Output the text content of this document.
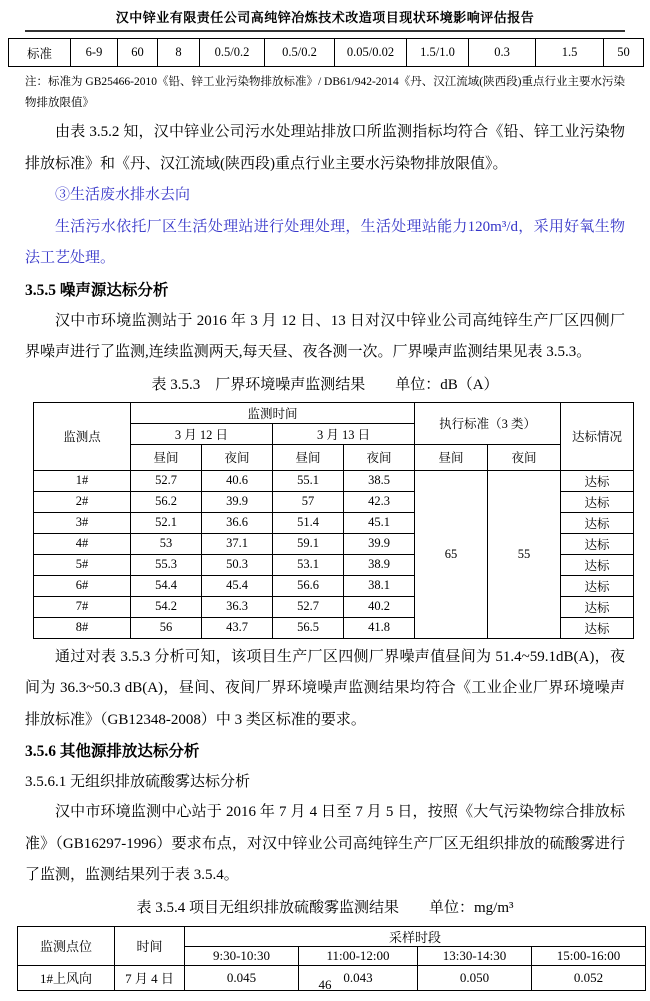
汉中锌业有限责任公司高纯锌冶炼技术改造项目现状环境影响评估报告
标准	6-9	60	8	0.5/0.2	0.5/0.2	0.05/0.02	1.5/1.0	0.3	1.5	50
注：标准为 GB25466-2010《铅、锌工业污染物排放标准》/ DB61/942-2014《丹、汉江流域(陕西段)重点行业主要水污染物排放限值》

由表 3.5.2 知，汉中锌业公司污水处理站排放口所监测指标均符合《铅、锌工业污染物排放标准》和《丹、汉江流域(陕西段)重点行业主要水污染物排放限值》。

③生活废水排水去向

生活污水依托厂区生活处理站进行处理处理，生活处理站能力120m³/d，采用好氧生物法工艺处理。

3.5.5 噪声源达标分析

汉中市环境监测站于 2016 年 3 月 12 日、13 日对汉中锌业公司高纯锌生产厂区四侧厂界噪声进行了监测,连续监测两天,每天昼、夜各测一次。厂界噪声监测结果见表 3.5.3。

表 3.5.3　厂界环境噪声监测结果　　单位：dB（A）
监测点	监测时间				执行标准（3 类）		达标情况
	3 月 12 日		3 月 13 日				
	昼间	夜间	昼间	夜间	昼间	夜间	
1#	52.7	40.6	55.1	38.5	65	55	达标
2#	56.2	39.9	57	42.3			达标
3#	52.1	36.6	51.4	45.1			达标
4#	53	37.1	59.1	39.9			达标
5#	55.3	50.3	53.1	38.9			达标
6#	54.4	45.4	56.6	38.1			达标
7#	54.2	36.3	52.7	40.2			达标
8#	56	43.7	56.5	41.8			达标

通过对表 3.5.3 分析可知，该项目生产厂区四侧厂界噪声值昼间为 51.4~59.1dB(A)，夜间为 36.3~50.3 dB(A)，昼间、夜间厂界环境噪声监测结果均符合《工业企业厂界环境噪声排放标准》（GB12348-2008）中 3 类区标准的要求。

3.5.6 其他源排放达标分析
3.5.6.1 无组织排放硫酸雾达标分析

汉中市环境监测中心站于 2016 年 7 月 4 日至 7 月 5 日，按照《大气污染物综合排放标准》（GB16297-1996）要求布点，对汉中锌业公司高纯锌生产厂区无组织排放的硫酸雾进行了监测，监测结果列于表 3.5.4。

表 3.5.4 项目无组织排放硫酸雾监测结果　　单位：mg/m³
监测点位	时间	采样时段			
		9:30-10:30	11:00-12:00	13:30-14:30	15:00-16:00
1#上风向	7 月 4 日	0.045	0.043	0.050	0.052
46
